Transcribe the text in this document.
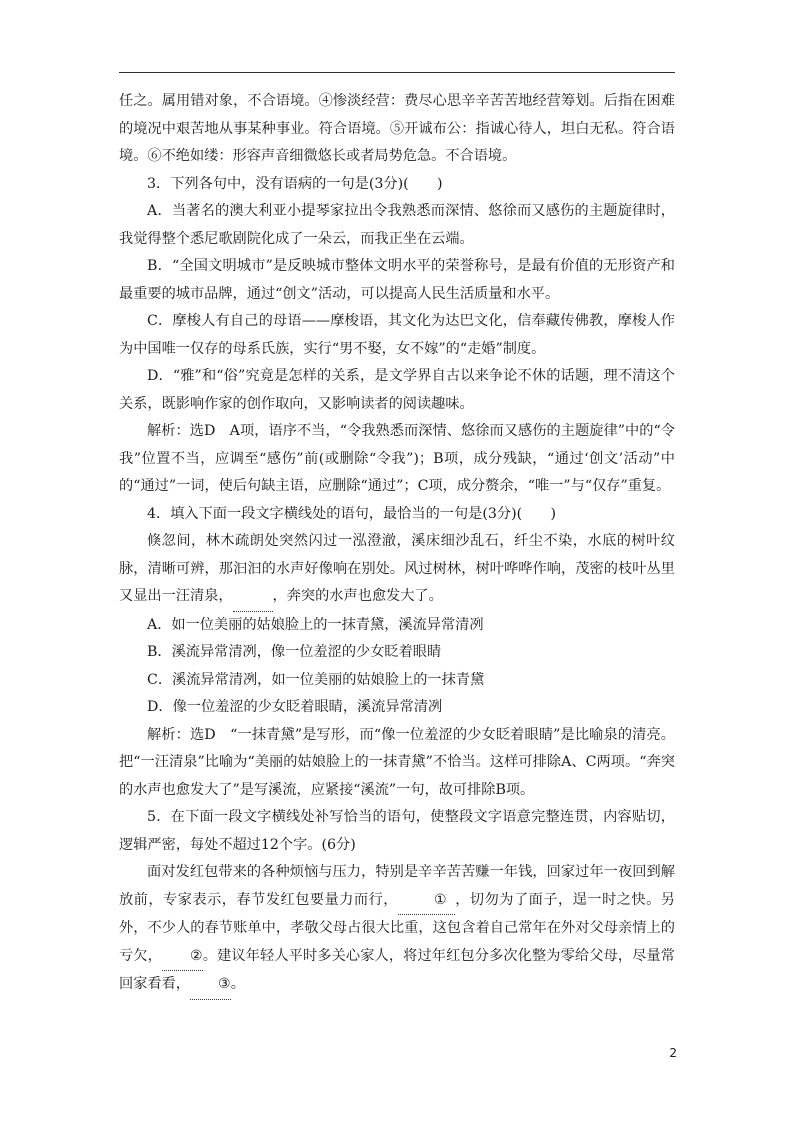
任之。属用错对象，不合语境。④惨淡经营：费尽心思辛辛苦苦地经营筹划。后指在困难的境况中艰苦地从事某种事业。符合语境。⑤开诚布公：指诚心待人，坦白无私。符合语境。⑥不绝如缕：形容声音细微悠长或者局势危急。不合语境。

3．下列各句中，没有语病的一句是(3分)(　　)

A．当著名的澳大利亚小提琴家拉出令我熟悉而深情、悠徐而又感伤的主题旋律时，我觉得整个悉尼歌剧院化成了一朵云，而我正坐在云端。

B．“全国文明城市”是反映城市整体文明水平的荣誉称号，是最有价值的无形资产和最重要的城市品牌，通过“创文”活动，可以提高人民生活质量和水平。

C．摩梭人有自己的母语——摩梭语，其文化为达巴文化，信奉藏传佛教，摩梭人作为中国唯一仅存的母系氏族，实行“男不娶，女不嫁”的“走婚”制度。

D．“雅”和“俗”究竟是怎样的关系，是文学界自古以来争论不休的话题，理不清这个关系，既影响作家的创作取向，又影响读者的阅读趣味。

解析：选D　A项，语序不当，“令我熟悉而深情、悠徐而又感伤的主题旋律”中的“令我”位置不当，应调至“感伤”前(或删除“令我”)；B项，成分残缺，“通过‘创文’活动”中的“通过”一词，使后句缺主语，应删除“通过”；C项，成分赘余，“唯一”与“仅存”重复。

4．填入下面一段文字横线处的语句，最恰当的一句是(3分)(　　)

倏忽间，林木疏朗处突然闪过一泓澄澈，溪床细沙乱石，纤尘不染，水底的树叶纹脉，清晰可辨，那汩汩的水声好像响在别处。风过树林，树叶哗哗作响，茂密的枝叶丛里又显出一汪清泉，	，奔突的水声也愈发大了。

A．如一位美丽的姑娘脸上的一抹青黛，溪流异常清冽

B．溪流异常清冽，像一位羞涩的少女眨着眼睛

C．溪流异常清冽，如一位美丽的姑娘脸上的一抹青黛

D．像一位羞涩的少女眨着眼睛，溪流异常清冽

解析：选D　“一抹青黛”是写形，而“像一位羞涩的少女眨着眼睛”是比喻泉的清亮。把“一汪清泉”比喻为“美丽的姑娘脸上的一抹青黛”不恰当。这样可排除A、C两项。“奔突的水声也愈发大了”是写溪流，应紧接“溪流”一句，故可排除B项。

5．在下面一段文字横线处补写恰当的语句，使整段文字语意完整连贯，内容贴切，逻辑严密，每处不超过12个字。(6分)

面对发红包带来的各种烦恼与压力，特别是辛辛苦苦赚一年钱，回家过年一夜回到解放前，专家表示，春节发红包要量力而行，	① ，切勿为了面子，逞一时之快。另外，不少人的春节账单中，孝敬父母占很大比重，这包含着自己常年在外对父母亲情上的亏欠， ②。建议年轻人平时多关心家人，将过年红包分多次化整为零给父母，尽量常回家看看， ③。

2
